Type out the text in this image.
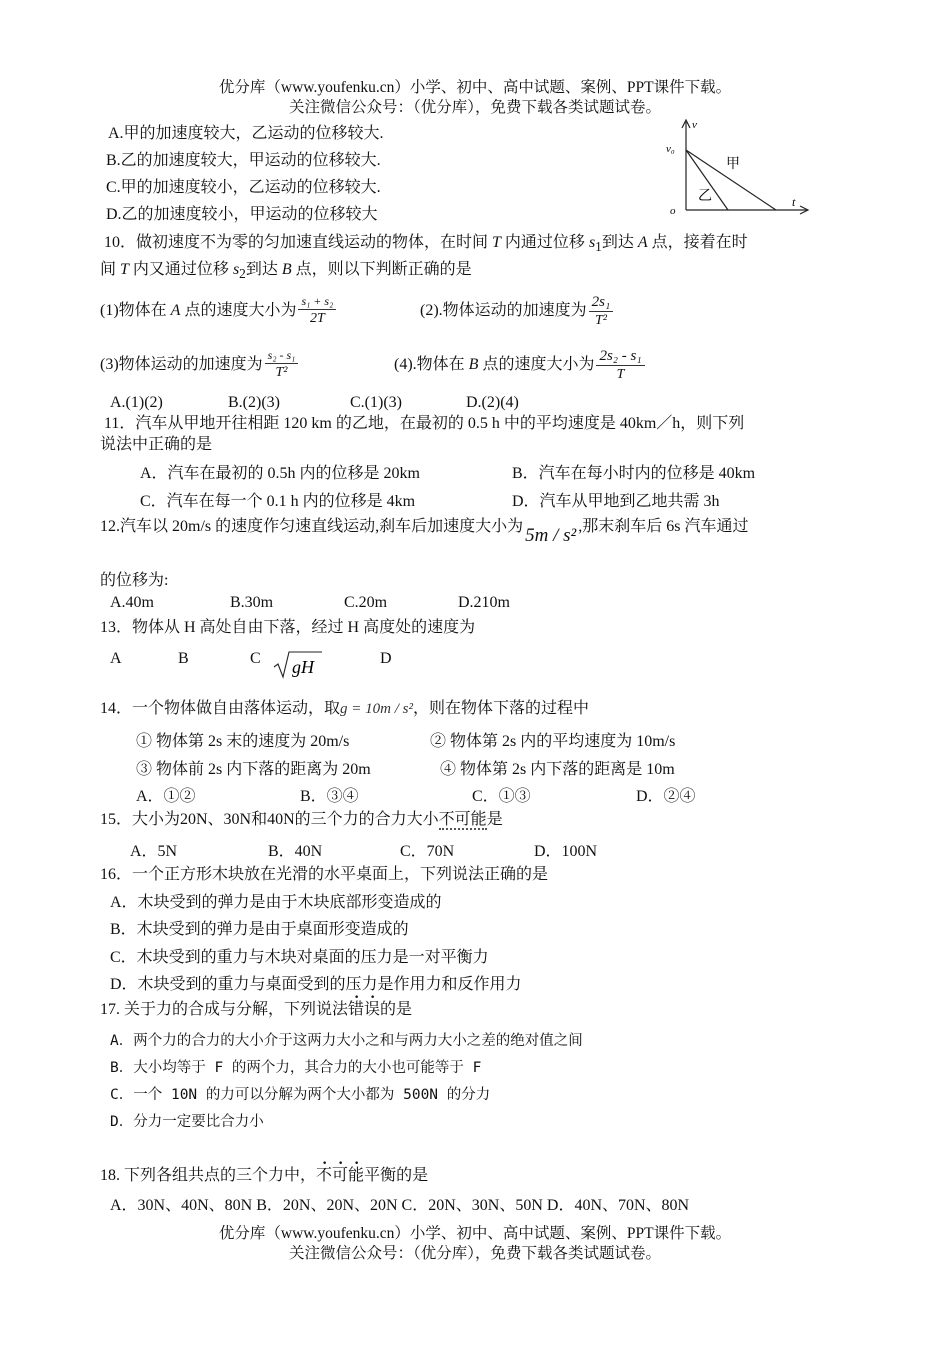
优分库（www.youfenku.cn）小学、初中、高中试题、案例、PPT课件下载。
关注微信公众号：（优分库），免费下载各类试题试卷。
A.甲的加速度较大，乙运动的位移较大.
B.乙的加速度较大，甲运动的位移较大.
C.甲的加速度较小，乙运动的位移较大.
D.乙的加速度较小，甲运动的位移较大
v
v₀
甲
乙
o
t
10．做初速度不为零的匀加速直线运动的物体，在时间 T 内通过位移 $s_1$到达 A 点，接着在时
间 T 内又通过位移 $s_2$到达 B 点，则以下判断正确的是
(1)物体在 A 点的速度大小为 $\frac{\text{s₁ + s₂}}{2T}$	(2).物体运动的加速度为 $\frac{\text{2s₁}}{\text{T²}}$
(3)物体运动的加速度为 $\frac{\text{s₂ - s₁}}{\text{T²}}$	(4).物体在 B 点的速度大小为 $\frac{\text{2s₂ - s₁}}{T}$
A.(1)(2)	B.(2)(3)	C.(1)(3)	D.(2)(4)
11．汽车从甲地开往相距 120 km 的乙地，在最初的 0.5 h 中的平均速度是 40km／h，则下列
说法中正确的是
A．汽车在最初的 0.5h 内的位移是 20km	B．汽车在每小时内的位移是 40km
C．汽车在每一个 0.1 h 内的位移是 4km	D．汽车从甲地到乙地共需 3h
12.汽车以 20m/s 的速度作匀速直线运动,刹车后加速度大小为 5m / s² ,那末刹车后 6s 汽车通过
的位移为:
A.40m	B.30m	C.20m	D.210m
13．物体从 H 高处自由下落，经过 H 高度处的速度为
A	B	C gH	D
14．一个物体做自由落体运动，取g = 10m / s²，则在物体下落的过程中
① 物体第 2s 末的速度为 20m/s	② 物体第 2s 内的平均速度为 10m/s
③ 物体前 2s 内下落的距离为 20m	④ 物体第 2s 内下落的距离是 10m
A．①②	B．③④	C．①③	D．②④
15．大小为20N、30N和40N的三个力的合力大小不可能是
A．5N	B．40N	C．70N	D．100N
16．一个正方形木块放在光滑的水平桌面上，下列说法正确的是
A．木块受到的弹力是由于木块底部形变造成的
B．木块受到的弹力是由于桌面形变造成的
C．木块受到的重力与木块对桌面的压力是一对平衡力
D．木块受到的重力与桌面受到的压力是作用力和反作用力
17. 关于力的合成与分解，下列说法错误的是
A．两个力的合力的大小介于这两力大小之和与两力大小之差的绝对值之间
B．大小均等于 F 的两个力，其合力的大小也可能等于 F
C．一个 10N 的力可以分解为两个大小都为 500N 的分力
D．分力一定要比合力小
18. 下列各组共点的三个力中，不可能平衡的是
A．30N、40N、80N B．20N、20N、20N C．20N、30N、50N D．40N、70N、80N
优分库（www.youfenku.cn）小学、初中、高中试题、案例、PPT课件下载。
关注微信公众号：（优分库），免费下载各类试题试卷。
